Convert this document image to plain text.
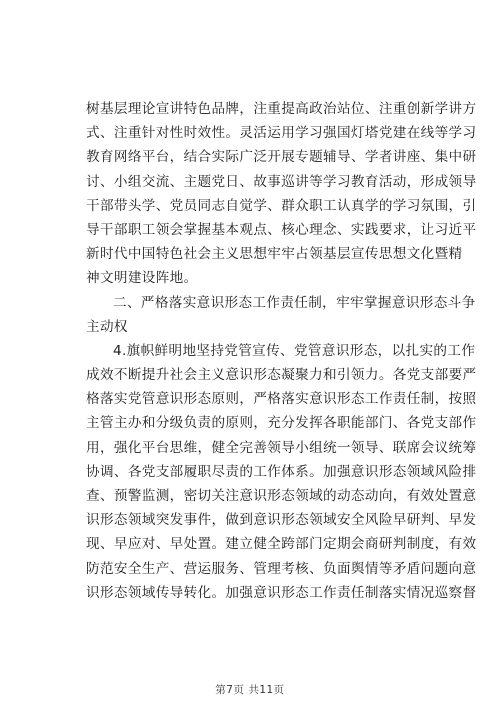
树基层理论宣讲特色品牌，注重提高政治站位、注重创新学讲方
式、注重针对性时效性。灵活运用学习强国灯塔党建在线等学习
教育网络平台，结合实际广泛开展专题辅导、学者讲座、集中研
讨、小组交流、主题党日、故事巡讲等学习教育活动，形成领导
干部带头学、党员同志自觉学、群众职工认真学的学习氛围，引
导干部职工领会掌握基本观点、核心理念、实践要求，让习近平
新时代中国特色社会主义思想牢牢占领基层宣传思想文化暨精
神文明建设阵地。
二、严格落实意识形态工作责任制，牢牢掌握意识形态斗争
主动权
4.旗帜鲜明地坚持党管宣传、党管意识形态，以扎实的工作
成效不断提升社会主义意识形态凝聚力和引领力。各党支部要严
格落实党管意识形态原则，严格落实意识形态工作责任制，按照
主管主办和分级负责的原则，充分发挥各职能部门、各党支部作
用，强化平台思维，健全完善领导小组统一领导、联席会议统筹
协调、各党支部履职尽责的工作体系。加强意识形态领域风险排
查、预警监测，密切关注意识形态领域的动态动向，有效处置意
识形态领域突发事件，做到意识形态领域安全风险早研判、早发
现、早应对、早处置。建立健全跨部门定期会商研判制度，有效
防范安全生产、营运服务、管理考核、负面舆情等矛盾问题向意
识形态领域传导转化。加强意识形态工作责任制落实情况巡察督
第7页 共11页
